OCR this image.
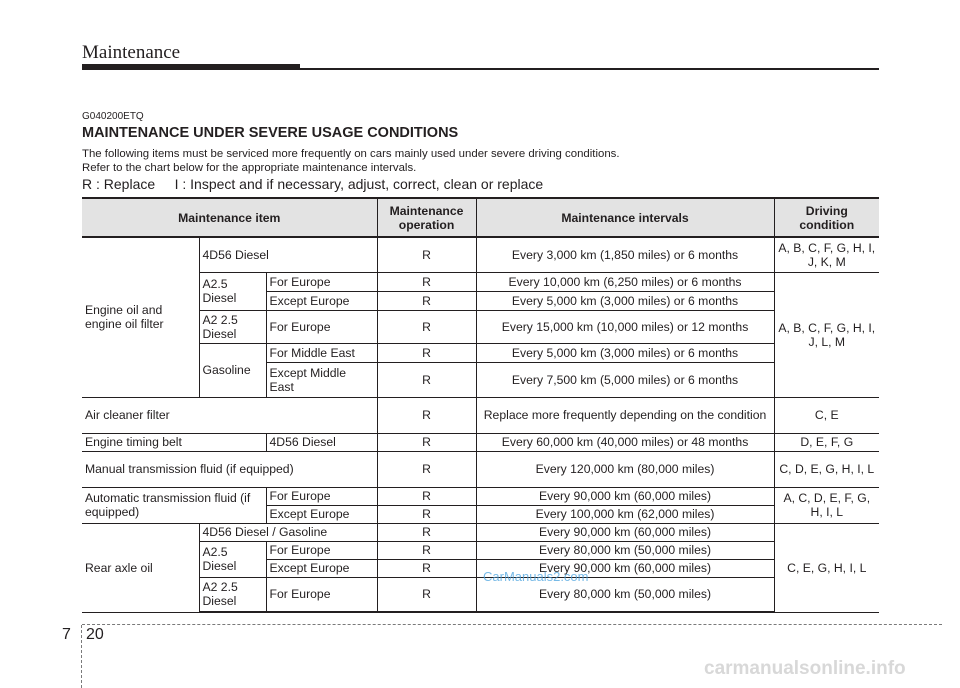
Maintenance
G040200ETQ
MAINTENANCE UNDER SEVERE USAGE CONDITIONS
The following items must be serviced more frequently on cars mainly used under severe driving conditions.
Refer to the chart below for the appropriate maintenance intervals.
R : Replace     I : Inspect and if necessary, adjust, correct, clean or replace
Maintenance item			Maintenance operation	Maintenance intervals	Driving condition
Engine oil and engine oil filter	4D56 Diesel		R	Every 3,000 km (1,850 miles) or 6 months	A, B, C, F, G, H, I, J, K, M
	A2.5 Diesel	For Europe	R	Every 10,000 km (6,250 miles) or 6 months	A, B, C, F, G, H, I, J, L, M
		Except Europe	R	Every 5,000 km (3,000 miles) or 6 months	
	A2 2.5 Diesel	For Europe	R	Every 15,000 km (10,000 miles) or 12 months	
	Gasoline	For Middle East	R	Every 5,000 km (3,000 miles) or 6 months	
		Except Middle East	R	Every 7,500 km (5,000 miles) or 6 months	

Air cleaner filter			R	Replace more frequently depending on the condition	C, E
Engine timing belt		4D56 Diesel	R	Every 60,000 km (40,000 miles) or 48 months	D, E, F, G
Manual transmission fluid (if equipped)			R	Every 120,000 km (80,000 miles)	C, D, E, G, H, I, L
Automatic transmission fluid (if equipped)		For Europe	R	Every 90,000 km (60,000 miles)	A, C, D, E, F, G, H, I, L
		Except Europe	R	Every 100,000 km (62,000 miles)	
Rear axle oil	4D56 Diesel / Gasoline		R	Every 90,000 km (60,000 miles)	C, E, G, H, I, L
	A2.5 Diesel	For Europe	R	Every 80,000 km (50,000 miles)	
		Except Europe	R	Every 90,000 km (60,000 miles)	
	A2 2.5 Diesel	For Europe	R	Every 80,000 km (50,000 miles)	
CarManuals2.com
7 20
carmanualsonline.info
